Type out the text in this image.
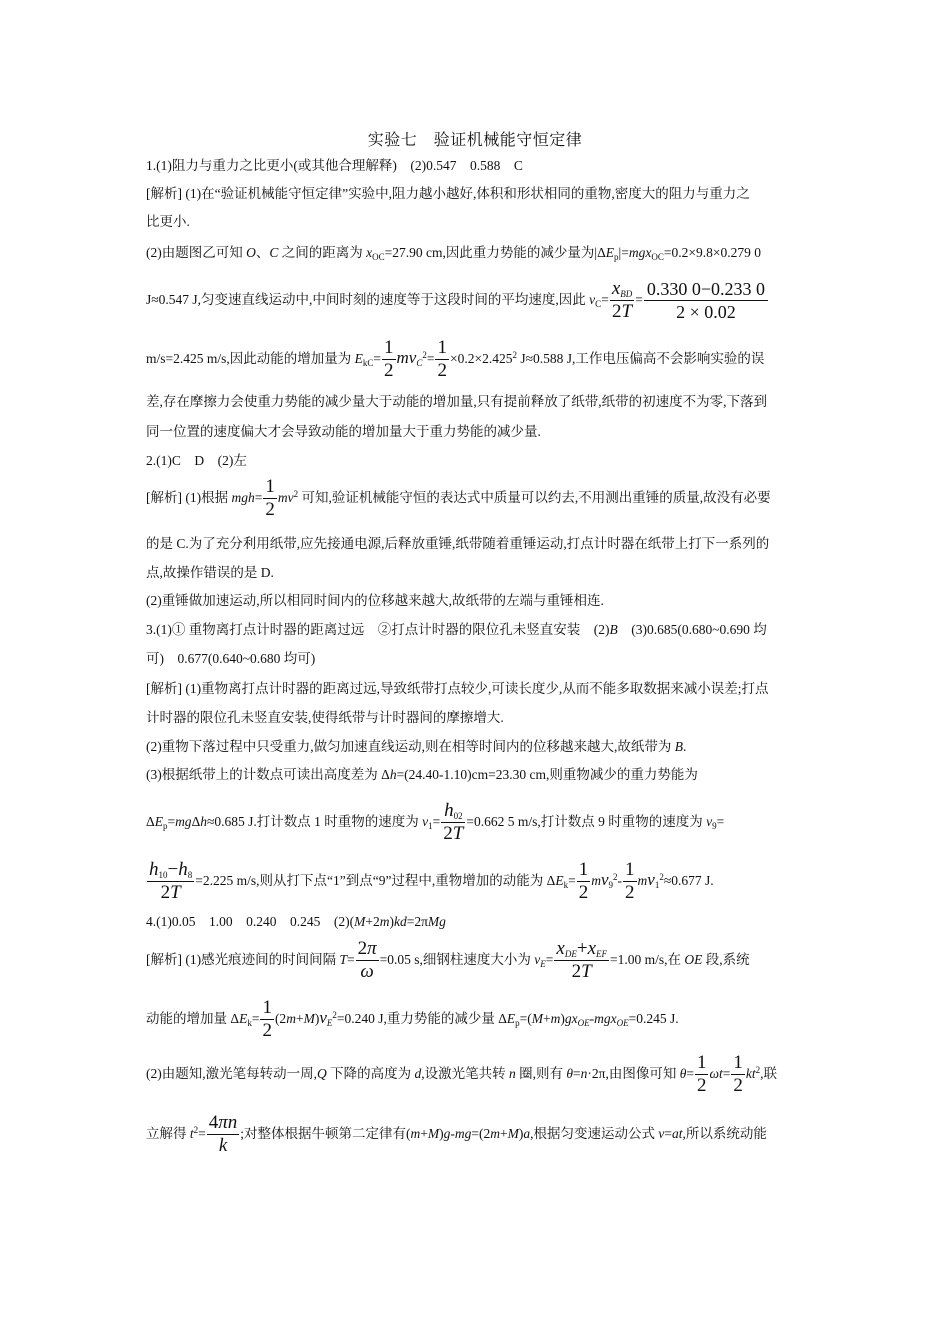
实验七　验证机械能守恒定律
1.(1)阻力与重力之比更小(或其他合理解释)　(2)0.547　0.588　C
[解析] (1)在“验证机械能守恒定律”实验中,阻力越小越好,体积和形状相同的重物,密度大的阻力与重力之
比更小.
(2)由题图乙可知 O、C 之间的距离为 $x_{OC}=27.90$ cm,因此重力势能的减少量为$|\Delta E_p|=mgx_{OC}=0.2\times 9.8\times 0.279$ 0
J≈0.547 J,匀变速直线运动中,中间时刻的速度等于这段时间的平均速度,因此 $v_C= \frac{x_{BD}}{2T} = \frac{0.330 0-0.233 0}{2 \times 0.02}$
m/s=2.425 m/s,因此动能的增加量为 $E_{kC}= \frac{1}{2} mv_C^2= \frac{1}{2} \times 0.2\times 2.425^2$ J≈0.588 J,工作电压偏高不会影响实验的误
差,存在摩擦力会使重力势能的减少量大于动能的增加量,只有提前释放了纸带,纸带的初速度不为零,下落到
同一位置的速度偏大才会导致动能的增加量大于重力势能的减少量.
2.(1)C　D　(2)左
[解析] (1)根据 $mgh= \frac{1}{2} mv^2$ 可知,验证机械能守恒的表达式中质量可以约去,不用测出重锤的质量,故没有必要
的是 C.为了充分利用纸带,应先接通电源,后释放重锤,纸带随着重锤运动,打点计时器在纸带上打下一系列的
点,故操作错误的是 D.
(2)重锤做加速运动,所以相同时间内的位移越来越大,故纸带的左端与重锤相连.
3.(1)① 重物离打点计时器的距离过远　②打点计时器的限位孔未竖直安装　(2)B　(3)0.685(0.680~0.690 均
可)　0.677(0.640~0.680 均可)
[解析] (1)重物离打点计时器的距离过远,导致纸带打点较少,可读长度少,从而不能多取数据来减小误差;打点
计时器的限位孔未竖直安装,使得纸带与计时器间的摩擦增大.
(2)重物下落过程中只受重力,做匀加速直线运动,则在相等时间内的位移越来越大,故纸带为 B.
(3)根据纸带上的计数点可读出高度差为 Δh=(24.40-1.10)cm=23.30 cm,则重物减少的重力势能为
$\Delta E_p=mg\Delta h\approx 0.685$ J.打计数点 1 时重物的速度为 $v_1= \frac{h_{02}}{2T} =0.662$ 5 m/s,打计数点 9 时重物的速度为 $v_9=$
$\frac{h_{10}-h_8}{2T} =2.225$ m/s,则从打下点“1”到点“9”过程中,重物增加的动能为 $\Delta E_k= \frac{1}{2} mv_9^2- \frac{1}{2} mv_1^2\approx 0.677$ J.
4.(1)0.05　1.00　0.240　0.245　(2)(M+2m)kd=2πMg
[解析] (1)感光痕迹间的时间间隔 $T= \frac{2\pi}{\omega} =0.05$ s,细钢柱速度大小为 $v_E= \frac{x_{DE}+x_{EF}}{2T} =1.00$ m/s,在 OE 段,系统
动能的增加量 $\Delta E_k= \frac{1}{2} (2m+M)v_E^2=0.240$ J,重力势能的减少量 $\Delta E_p=(M+m)gx_{OE}-mgx_{OE}=0.245$ J.
(2)由题知,激光笔每转动一周,Q 下降的高度为 d,设激光笔共转 n 圈,则有 θ=n·2π,由图像可知 $\theta= \frac{1}{2} \omega t= \frac{1}{2} kt^2$,联
立解得 $t^2= \frac{4\pi n}{k}$ ;对整体根据牛顿第二定律有(m+M)g-mg=(2m+M)a,根据匀变速运动公式 v=at,所以系统动能
